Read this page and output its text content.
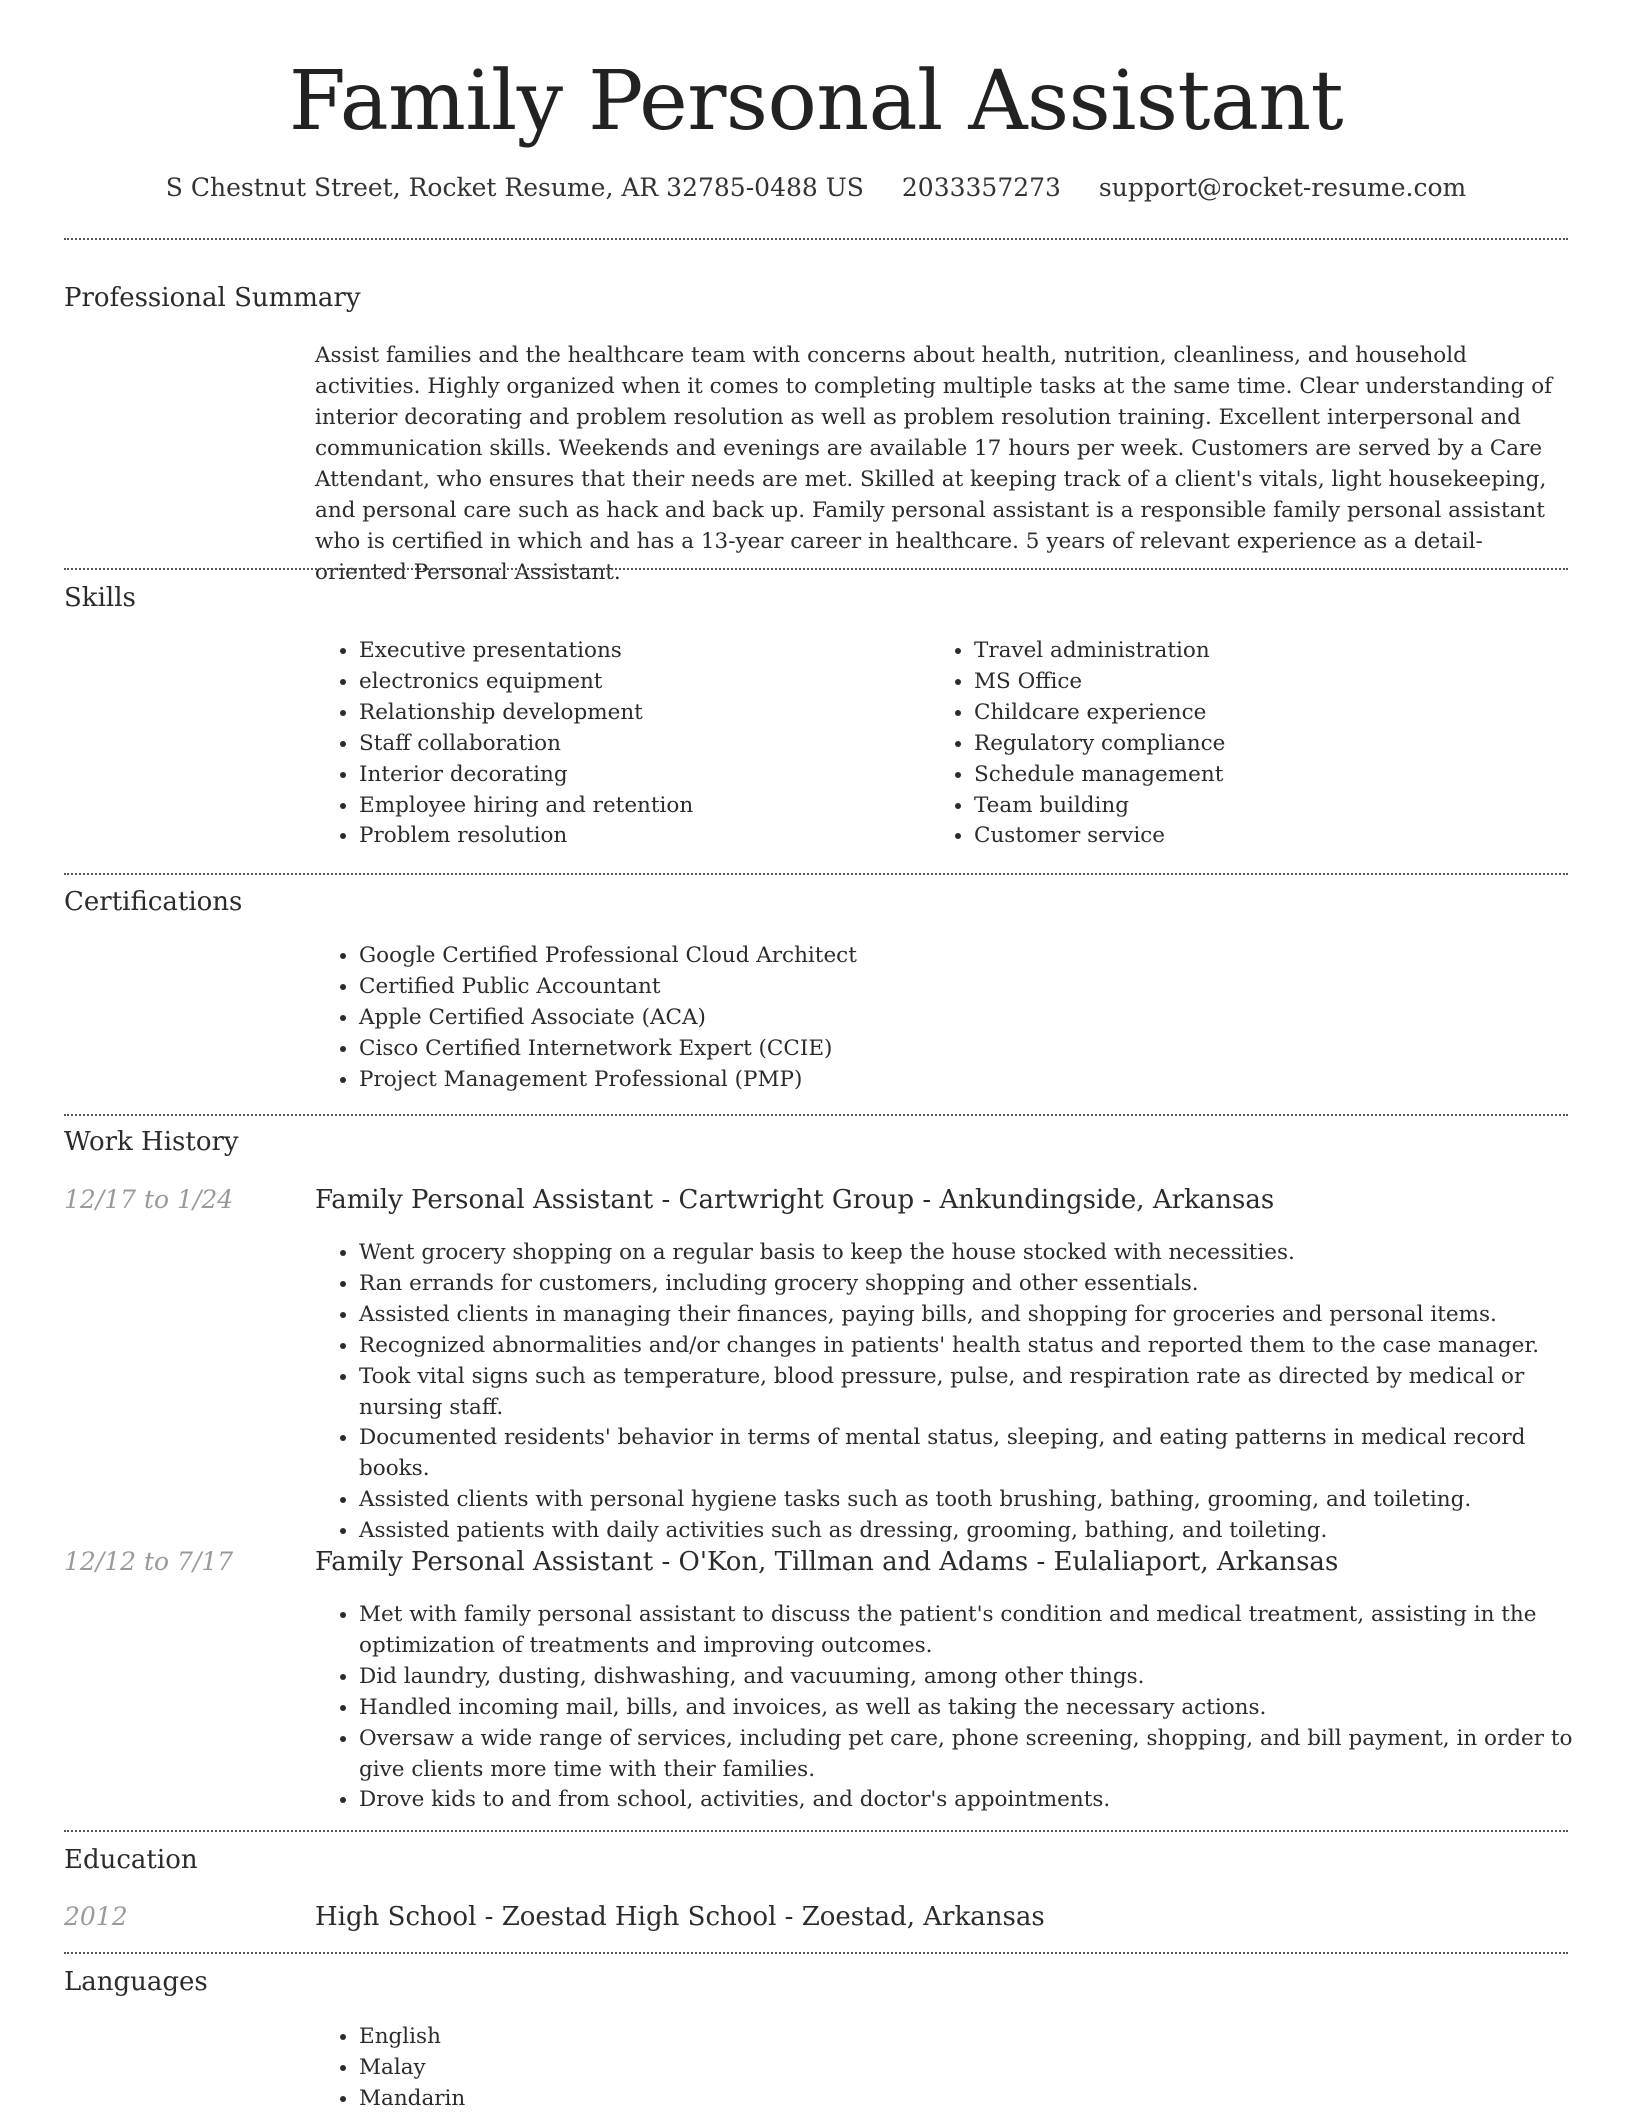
Family Personal Assistant
S Chestnut Street, Rocket Resume, AR 32785-0488 US 2033357273 support@rocket-resume.com
Professional Summary

Assist families and the healthcare team with concerns about health, nutrition, cleanliness, and household activities. Highly organized when it comes to completing multiple tasks at the same time. Clear understanding of interior decorating and problem resolution as well as problem resolution training. Excellent interpersonal and communication skills. Weekends and evenings are available 17 hours per week. Customers are served by a Care Attendant, who ensures that their needs are met. Skilled at keeping track of a client's vitals, light housekeeping, and personal care such as hack and back up. Family personal assistant is a responsible family personal assistant who is certified in which and has a 13-year career in healthcare. 5 years of relevant experience as a detail-oriented Personal Assistant.

Skills
• Executive presentations
• electronics equipment
• Relationship development
• Staff collaboration
• Interior decorating
• Employee hiring and retention
• Problem resolution
• Travel administration
• MS Office
• Childcare experience
• Regulatory compliance
• Schedule management
• Team building
• Customer service
Certifications
• Google Certified Professional Cloud Architect
• Certified Public Accountant
• Apple Certified Associate (ACA)
• Cisco Certified Internetwork Expert (CCIE)
• Project Management Professional (PMP)
Work History
12/17 to 1/24	Family Personal Assistant - Cartwright Group - Ankundingside, Arkansas
• Went grocery shopping on a regular basis to keep the house stocked with necessities.
• Ran errands for customers, including grocery shopping and other essentials.
• Assisted clients in managing their finances, paying bills, and shopping for groceries and personal items.
• Recognized abnormalities and/or changes in patients' health status and reported them to the case manager.
• Took vital signs such as temperature, blood pressure, pulse, and respiration rate as directed by medical or nursing staff.
• Documented residents' behavior in terms of mental status, sleeping, and eating patterns in medical record books.
• Assisted clients with personal hygiene tasks such as tooth brushing, bathing, grooming, and toileting.
• Assisted patients with daily activities such as dressing, grooming, bathing, and toileting.
12/12 to 7/17	Family Personal Assistant - O'Kon, Tillman and Adams - Eulaliaport, Arkansas
• Met with family personal assistant to discuss the patient's condition and medical treatment, assisting in the optimization of treatments and improving outcomes.
• Did laundry, dusting, dishwashing, and vacuuming, among other things.
• Handled incoming mail, bills, and invoices, as well as taking the necessary actions.
• Oversaw a wide range of services, including pet care, phone screening, shopping, and bill payment, in order to give clients more time with their families.
• Drove kids to and from school, activities, and doctor's appointments.
Education
2012	High School - Zoestad High School - Zoestad, Arkansas
Languages
• English
• Malay
• Mandarin
